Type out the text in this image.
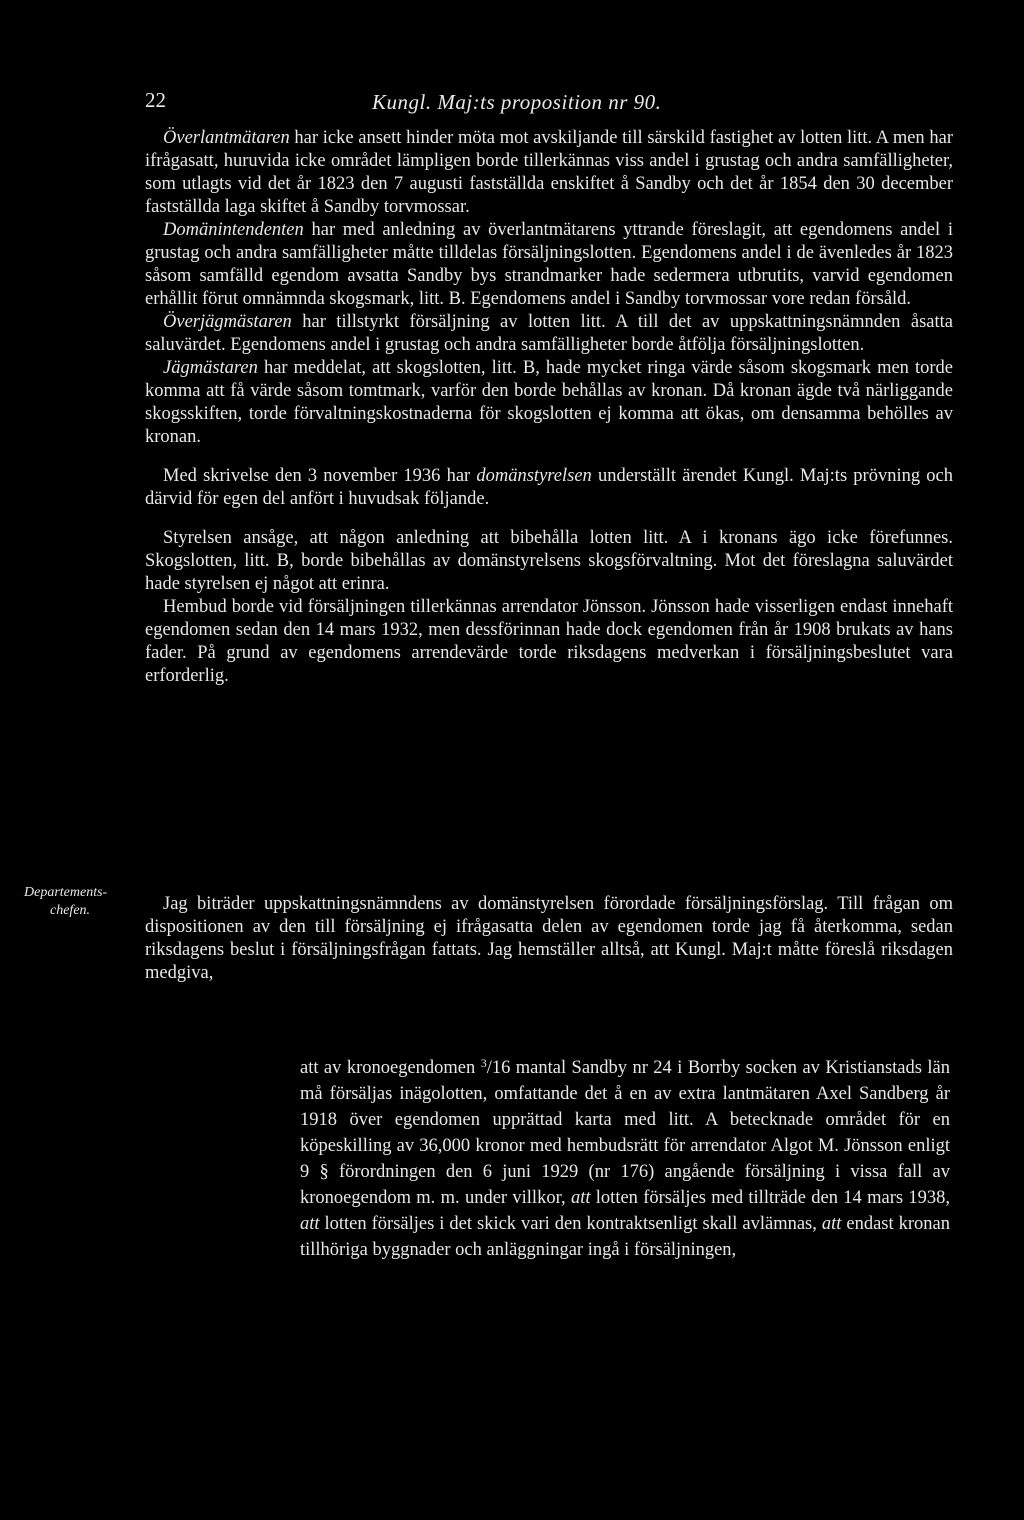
22	Kungl. Maj:ts proposition nr 90.

Överlantmätaren har icke ansett hinder möta mot avskiljande till särskild fastighet av lotten litt. A men har ifrågasatt, huruvida icke området lämpligen borde tillerkännas viss andel i grustag och andra samfälligheter, som utlagts vid det år 1823 den 7 augusti fastställda enskiftet å Sandby och det år 1854 den 30 december fastställda laga skiftet å Sandby torvmossar.

Domänintendenten har med anledning av överlantmätarens yttrande föreslagit, att egendomens andel i grustag och andra samfälligheter måtte tilldelas försäljningslotten. Egendomens andel i de ävenledes år 1823 såsom samfälld egendom avsatta Sandby bys strandmarker hade sedermera utbrutits, varvid egendomen erhållit förut omnämnda skogsmark, litt. B. Egendomens andel i Sandby torvmossar vore redan försåld.

Överjägmästaren har tillstyrkt försäljning av lotten litt. A till det av uppskattningsnämnden åsatta saluvärdet. Egendomens andel i grustag och andra samfälligheter borde åtfölja försäljningslotten.

Jägmästaren har meddelat, att skogslotten, litt. B, hade mycket ringa värde såsom skogsmark men torde komma att få värde såsom tomtmark, varför den borde behållas av kronan. Då kronan ägde två närliggande skogsskiften, torde förvaltningskostnaderna för skogslotten ej komma att ökas, om densamma behölles av kronan.

Med skrivelse den 3 november 1936 har domänstyrelsen underställt ärendet Kungl. Maj:ts prövning och därvid för egen del anfört i huvudsak följande.

Styrelsen ansåge, att någon anledning att bibehålla lotten litt. A i kronans ägo icke förefunnes. Skogslotten, litt. B, borde bibehållas av domänstyrelsens skogsförvaltning. Mot det föreslagna saluvärdet hade styrelsen ej något att erinra.

Hembud borde vid försäljningen tillerkännas arrendator Jönsson. Jönsson hade visserligen endast innehaft egendomen sedan den 14 mars 1932, men dessförinnan hade dock egendomen från år 1908 brukats av hans fader. På grund av egendomens arrendevärde torde riksdagens medverkan i försäljningsbeslutet vara erforderlig.

Departements-
chefen.	Jag biträder uppskattningsnämndens av domänstyrelsen förordade försäljningsförslag. Till frågan om dispositionen av den till försäljning ej ifrågasatta delen av egendomen torde jag få återkomma, sedan riksdagens beslut i försäljningsfrågan fattats. Jag hemställer alltså, att Kungl. Maj:t måtte föreslå riksdagen medgiva,

att av kronoegendomen $^3$/16 mantal Sandby nr 24 i Borrby socken av Kristianstads län må försäljas inägolotten, omfattande det å en av extra lantmätaren Axel Sandberg år 1918 över egendomen upprättad karta med litt. A betecknade området för en köpeskilling av 36,000 kronor med hembudsrätt för arrendator Algot M. Jönsson enligt 9 § förordningen den 6 juni 1929 (nr 176) angående försäljning i vissa fall av kronoegendom m. m. under villkor, att lotten försäljes med tillträde den 14 mars 1938, att lotten försäljes i det skick vari den kontraktsenligt skall avlämnas, att endast kronan tillhöriga byggnader och anläggningar ingå i försäljningen,
